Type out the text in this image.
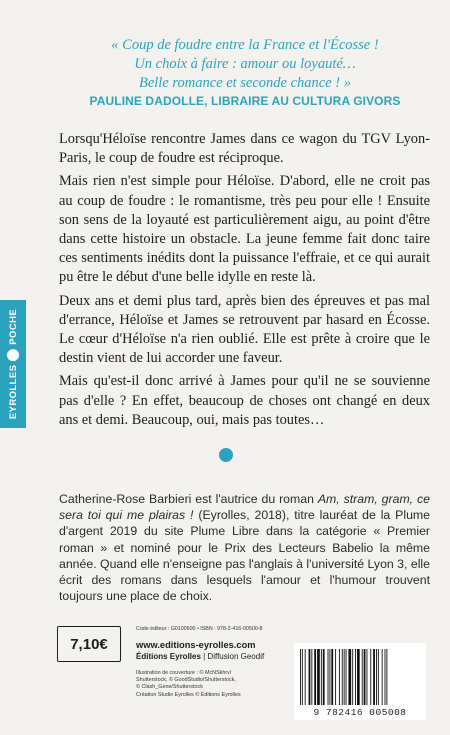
« Coup de foudre entre la France et l'Écosse !
Un choix à faire : amour ou loyauté…
Belle romance et seconde chance ! »
PAULINE DADOLLE, LIBRAIRE AU CULTURA GIVORS

Lorsqu'Héloïse rencontre James dans ce wagon du TGV Lyon-Paris, le coup de foudre est réciproque.

Mais rien n'est simple pour Héloïse. D'abord, elle ne croit pas au coup de foudre : le romantisme, très peu pour elle ! Ensuite son sens de la loyauté est particulièrement aigu, au point d'être dans cette histoire un obstacle. La jeune femme fait donc taire ces sentiments inédits dont la puissance l'effraie, et ce qui aurait pu être le début d'une belle idylle en reste là.

Deux ans et demi plus tard, après bien des épreuves et pas mal d'errance, Héloïse et James se retrouvent par hasard en Écosse. Le cœur d'Héloïse n'a rien oublié. Elle est prête à croire que le destin vient de lui accorder une faveur.

Mais qu'est-il donc arrivé à James pour qu'il ne se souvienne pas d'elle ? En effet, beaucoup de choses ont changé en deux ans et demi. Beaucoup, oui, mais pas toutes…

Catherine-Rose Barbieri est l'autrice du roman Am, stram, gram, ce sera toi qui me plairas ! (Eyrolles, 2018), titre lauréat de la Plume d'argent 2019 du site Plume Libre dans la catégorie « Premier roman » et nominé pour le Prix des Lecteurs Babelio la même année. Quand elle n'enseigne pas l'anglais à l'université Lyon 3, elle écrit des romans dans lesquels l'amour et l'humour trouvent toujours une place de choix.
EYROLLES
POCHE
7,10€
Code éditeur : G0100500 • ISBN : 978-2-416-00500-8
www.editions-eyrolles.com
Éditions Eyrolles | Diffusion Geodif
Illustration de couverture : © McNSkhrv/
Shutterstock, © GoodStudio/Shutterstock,
© Clash_Gene/Shutterstock
Création Studio Eyrolles © Éditions Eyrolles
9 782416 005008
